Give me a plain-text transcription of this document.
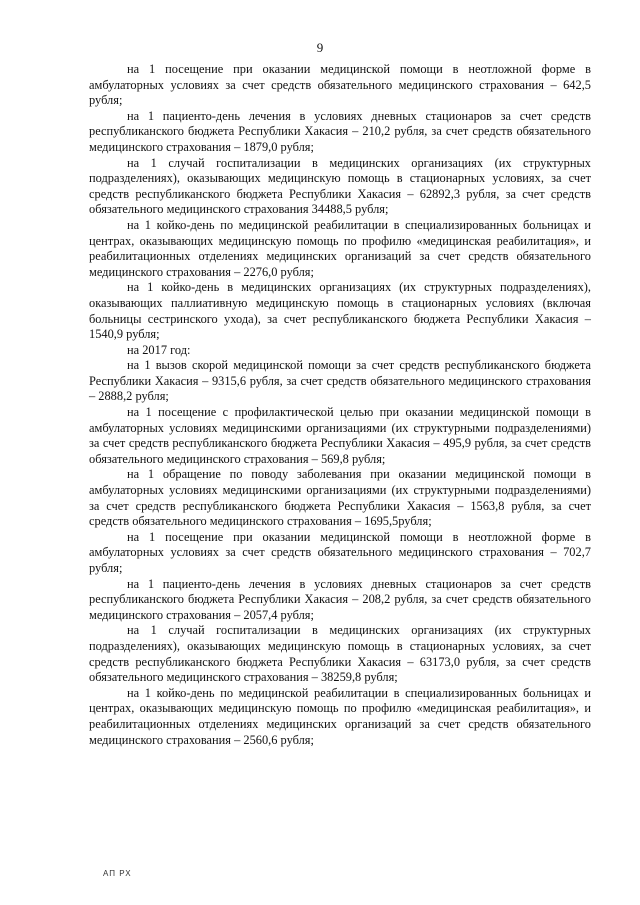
9

на 1 посещение при оказании медицинской помощи в неотложной форме в амбулаторных условиях за счет средств обязательного медицинского страхования – 642,5 рубля;

на 1 пациенто-день лечения в условиях дневных стационаров за счет средств республиканского бюджета Республики Хакасия – 210,2 рубля, за счет средств обязательного медицинского страхования – 1879,0 рубля;

на 1 случай госпитализации в медицинских организациях (их структурных подразделениях), оказывающих медицинскую помощь в стационарных условиях, за счет средств республиканского бюджета Республики Хакасия – 62892,3 рубля, за счет средств обязательного медицинского страхования 34488,5 рубля;

на 1 койко-день по медицинской реабилитации в специализированных больницах и центрах, оказывающих медицинскую помощь по профилю «медицинская реабилитация», и реабилитационных отделениях медицинских организаций за счет средств обязательного медицинского страхования – 2276,0 рубля;

на 1 койко-день в медицинских организациях (их структурных подразделениях), оказывающих паллиативную медицинскую помощь в стационарных условиях (включая больницы сестринского ухода), за счет республиканского бюджета Республики Хакасия – 1540,9 рубля;

на 2017 год:

на 1 вызов скорой медицинской помощи за счет средств республиканского бюджета Республики Хакасия – 9315,6 рубля, за счет средств обязательного медицинского страхования – 2888,2 рубля;

на 1 посещение с профилактической целью при оказании медицинской помощи в амбулаторных условиях медицинскими организациями (их структурными подразделениями) за счет средств республиканского бюджета Республики Хакасия – 495,9 рубля, за счет средств обязательного медицинского страхования – 569,8 рубля;

на 1 обращение по поводу заболевания при оказании медицинской помощи в амбулаторных условиях медицинскими организациями (их структурными подразделениями) за счет средств республиканского бюджета Республики Хакасия – 1563,8 рубля, за счет средств обязательного медицинского страхования – 1695,5рубля;

на 1 посещение при оказании медицинской помощи в неотложной форме в амбулаторных условиях за счет средств обязательного медицинского страхования – 702,7 рубля;

на 1 пациенто-день лечения в условиях дневных стационаров за счет средств республиканского бюджета Республики Хакасия – 208,2 рубля, за счет средств обязательного медицинского страхования – 2057,4 рубля;

на 1 случай госпитализации в медицинских организациях (их структурных подразделениях), оказывающих медицинскую помощь в стационарных условиях, за счет средств республиканского бюджета Республики Хакасия – 63173,0 рубля, за счет средств обязательного медицинского страхования – 38259,8 рубля;

на 1 койко-день по медицинской реабилитации в специализированных больницах и центрах, оказывающих медицинскую помощь по профилю «медицинская реабилитация», и реабилитационных отделениях медицинских организаций за счет средств обязательного медицинского страхования – 2560,6 рубля;

АП РХ
